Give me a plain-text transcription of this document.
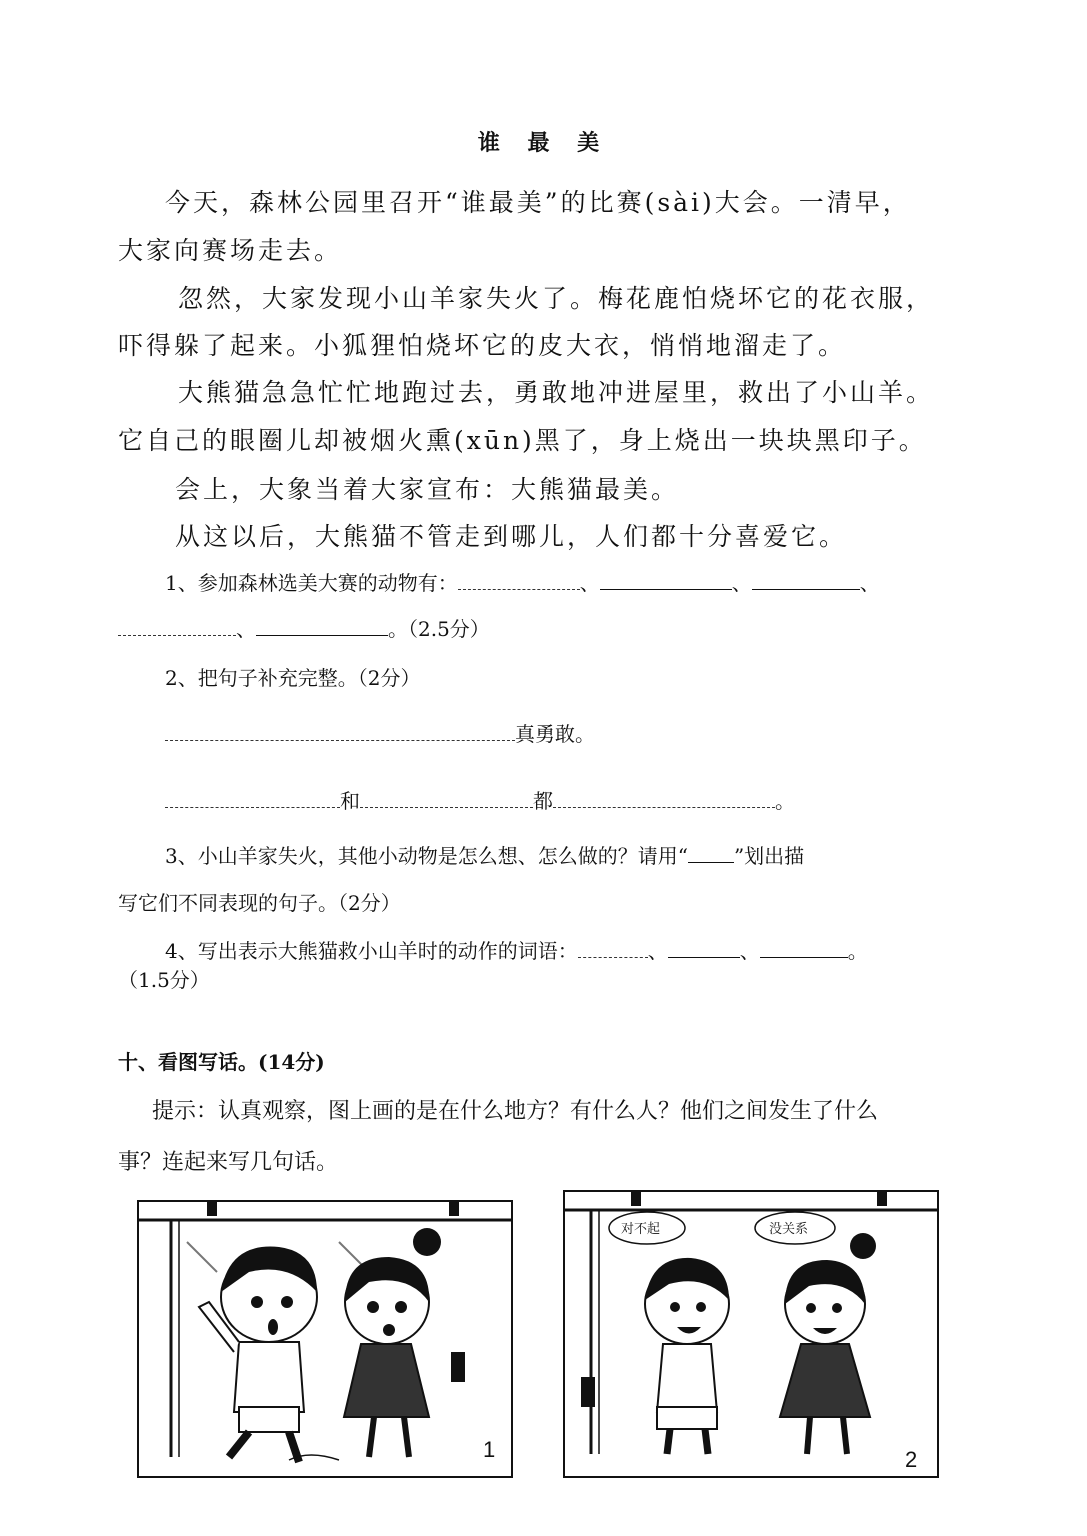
谁 最 美
今天，森林公园里召开“谁最美”的比赛(sài)大会。一清早，
大家向赛场走去。
忽然，大家发现小山羊家失火了。梅花鹿怕烧坏它的花衣服，
吓得躲了起来。小狐狸怕烧坏它的皮大衣，悄悄地溜走了。
大熊猫急急忙忙地跑过去，勇敢地冲进屋里，救出了小山羊。
它自己的眼圈儿却被烟火熏(xūn)黑了，身上烧出一块块黑印子。
会上，大象当着大家宣布：大熊猫最美。
从这以后，大熊猫不管走到哪儿，人们都十分喜爱它。
1、参加森林选美大赛的动物有：	、	、	、
、	。（2.5分）
2、把句子补充完整。（2分）
真勇敢。
和	都	。
3、小山羊家失火，其他小动物是怎么想、怎么做的？请用“ ”划出描
写它们不同表现的句子。（2分）
4、写出表示大熊猫救小山羊时的动作的词语：	、	、	。
（1.5分）
十、看图写话。(14分)
提示：认真观察，图上画的是在什么地方？有什么人？他们之间发生了什么
事？连起来写几句话。
1
对不起	没关系
2
